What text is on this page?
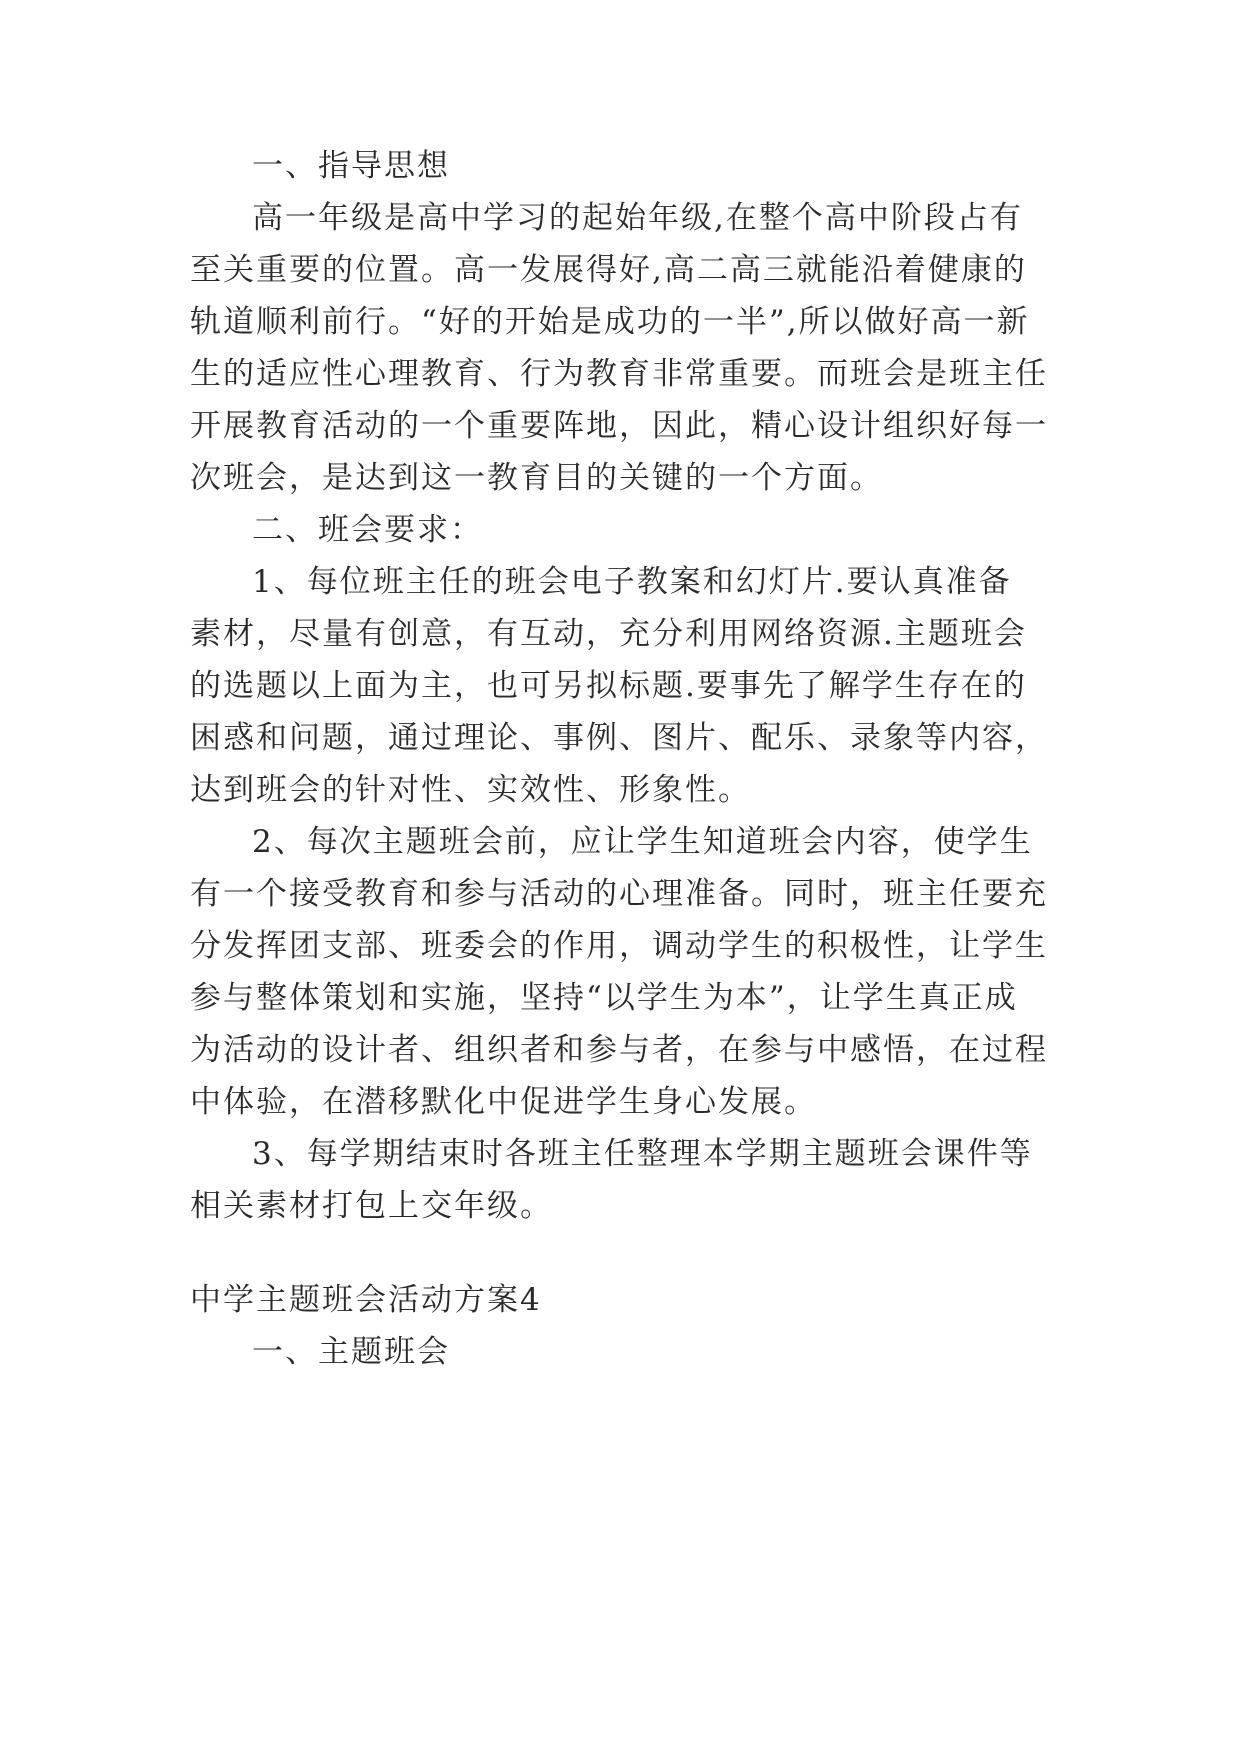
一、指导思想

高一年级是高中学习的起始年级,在整个高中阶段占有

至关重要的位置。高一发展得好,高二高三就能沿着健康的

轨道顺利前行。“好的开始是成功的一半”,所以做好高一新

生的适应性心理教育、行为教育非常重要。而班会是班主任

开展教育活动的一个重要阵地，因此，精心设计组织好每一

次班会，是达到这一教育目的关键的一个方面。

二、班会要求：

1、每位班主任的班会电子教案和幻灯片.要认真准备

素材，尽量有创意，有互动，充分利用网络资源.主题班会

的选题以上面为主，也可另拟标题.要事先了解学生存在的

困惑和问题，通过理论、事例、图片、配乐、录象等内容，

达到班会的针对性、实效性、形象性。

2、每次主题班会前，应让学生知道班会内容，使学生

有一个接受教育和参与活动的心理准备。同时，班主任要充

分发挥团支部、班委会的作用，调动学生的积极性，让学生

参与整体策划和实施，坚持“以学生为本”，让学生真正成

为活动的设计者、组织者和参与者，在参与中感悟，在过程

中体验，在潜移默化中促进学生身心发展。

3、每学期结束时各班主任整理本学期主题班会课件等

相关素材打包上交年级。

中学主题班会活动方案4

一、主题班会
